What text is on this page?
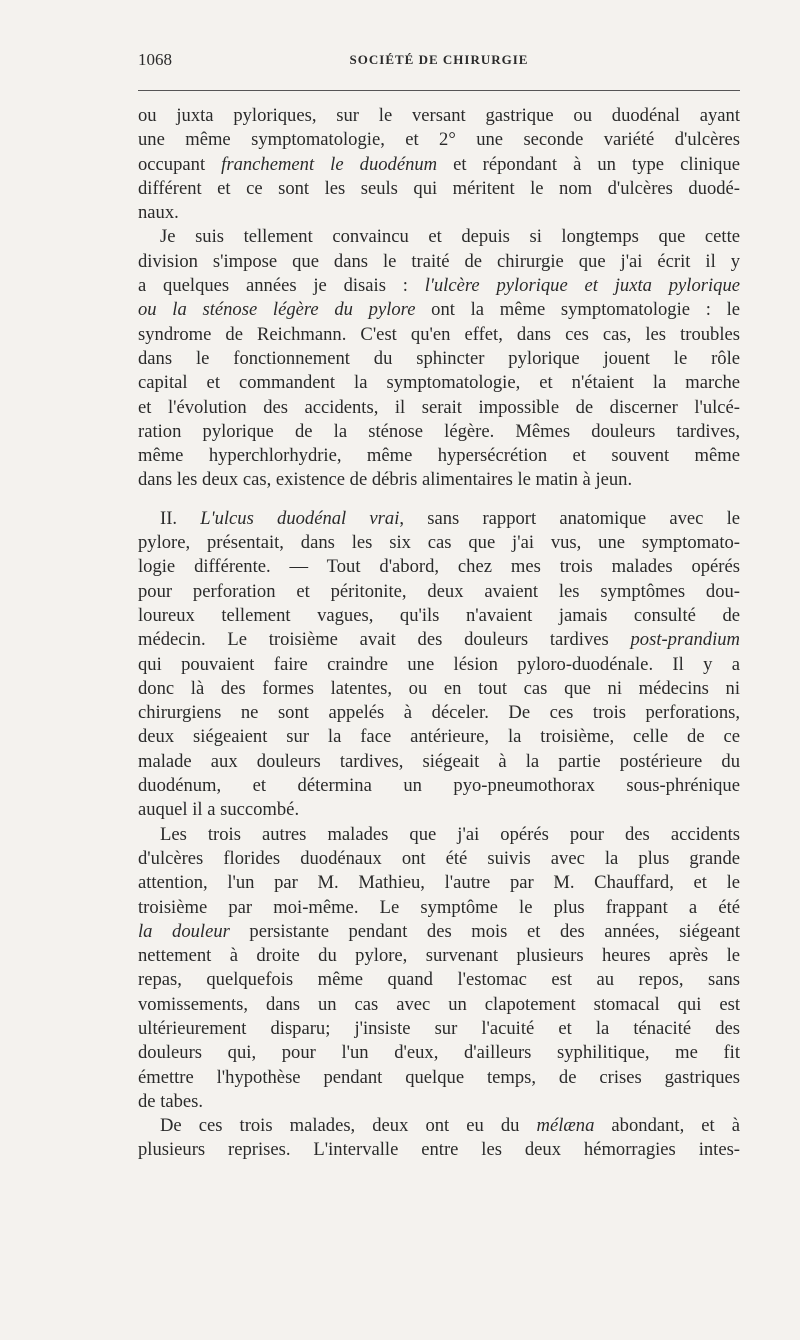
1068	SOCIÉTÉ DE CHIRURGIE
ou juxta pyloriques, sur le versant gastrique ou duodénal ayant
une même symptomatologie, et 2° une seconde variété d'ulcères
occupant franchement le duodénum et répondant à un type clinique
différent et ce sont les seuls qui méritent le nom d'ulcères duodé-
naux.
Je suis tellement convaincu et depuis si longtemps que cette
division s'impose que dans le traité de chirurgie que j'ai écrit il y
a quelques années je disais : l'ulcère pylorique et juxta pylorique
ou la sténose légère du pylore ont la même symptomatologie : le
syndrome de Reichmann. C'est qu'en effet, dans ces cas, les troubles
dans le fonctionnement du sphincter pylorique jouent le rôle
capital et commandent la symptomatologie, et n'étaient la marche
et l'évolution des accidents, il serait impossible de discerner l'ulcé-
ration pylorique de la sténose légère. Mêmes douleurs tardives,
même hyperchlorhydrie, même hypersécrétion et souvent même
dans les deux cas, existence de débris alimentaires le matin à jeun.
II. L'ulcus duodénal vrai, sans rapport anatomique avec le
pylore, présentait, dans les six cas que j'ai vus, une symptomato-
logie différente. — Tout d'abord, chez mes trois malades opérés
pour perforation et péritonite, deux avaient les symptômes dou-
loureux tellement vagues, qu'ils n'avaient jamais consulté de
médecin. Le troisième avait des douleurs tardives post-prandium
qui pouvaient faire craindre une lésion pyloro-duodénale. Il y a
donc là des formes latentes, ou en tout cas que ni médecins ni
chirurgiens ne sont appelés à déceler. De ces trois perforations,
deux siégeaient sur la face antérieure, la troisième, celle de ce
malade aux douleurs tardives, siégeait à la partie postérieure du
duodénum, et détermina un pyo-pneumothorax sous-phrénique
auquel il a succombé.
Les trois autres malades que j'ai opérés pour des accidents
d'ulcères florides duodénaux ont été suivis avec la plus grande
attention, l'un par M. Mathieu, l'autre par M. Chauffard, et le
troisième par moi-même. Le symptôme le plus frappant a été
la douleur persistante pendant des mois et des années, siégeant
nettement à droite du pylore, survenant plusieurs heures après le
repas, quelquefois même quand l'estomac est au repos, sans
vomissements, dans un cas avec un clapotement stomacal qui est
ultérieurement disparu; j'insiste sur l'acuité et la ténacité des
douleurs qui, pour l'un d'eux, d'ailleurs syphilitique, me fit
émettre l'hypothèse pendant quelque temps, de crises gastriques
de tabes.
De ces trois malades, deux ont eu du mélæna abondant, et à
plusieurs reprises. L'intervalle entre les deux hémorragies intes-
